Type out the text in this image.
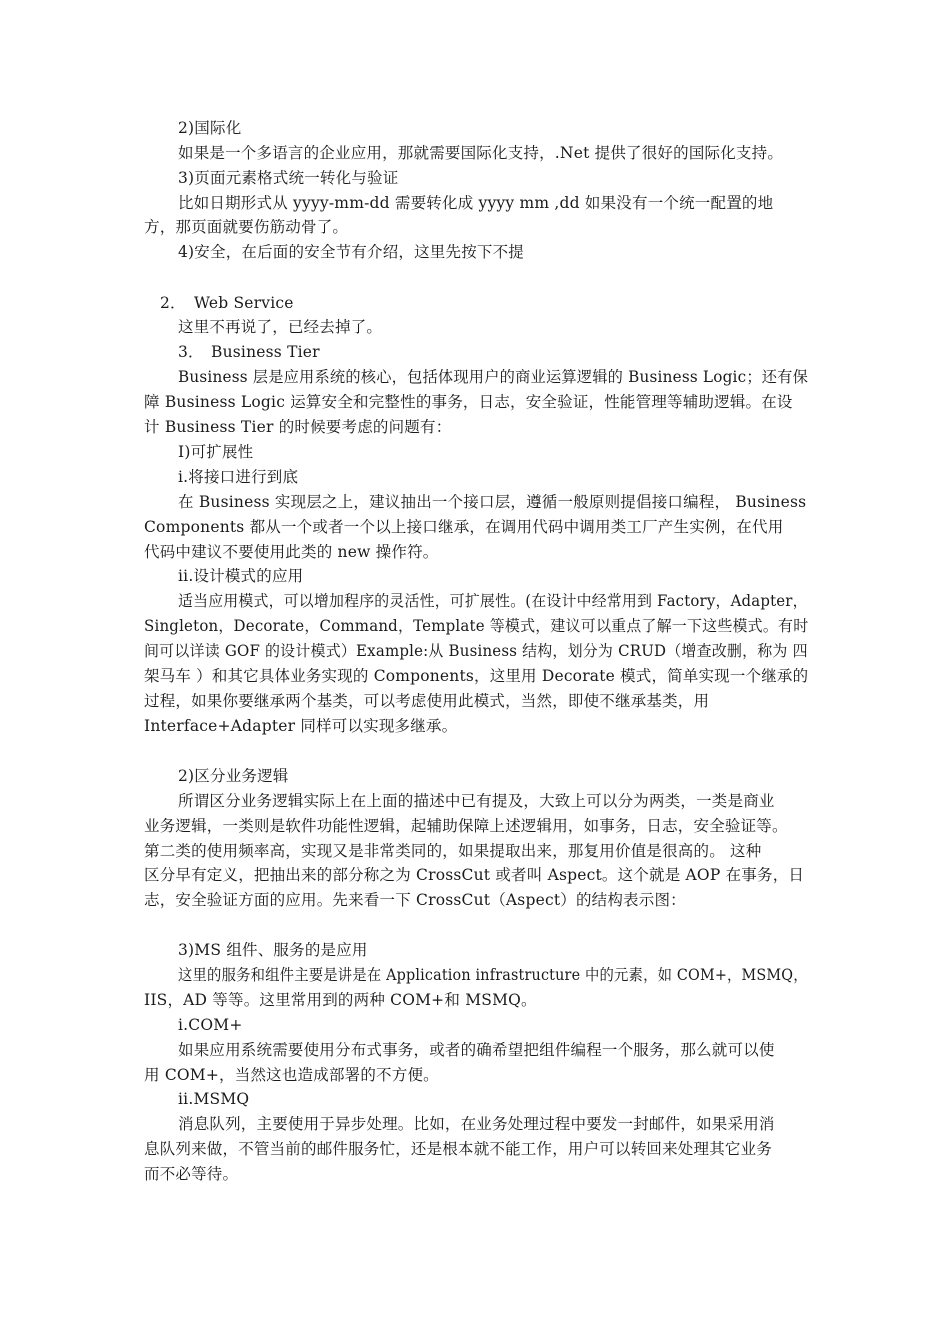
2)国际化
如果是一个多语言的企业应用，那就需要国际化支持，.Net 提供了很好的国际化支持。
3)页面元素格式统一转化与验证
比如日期形式从 yyyy-mm-dd 需要转化成 yyyy mm ,dd 如果没有一个统一配置的地
方，那页面就要伤筋动骨了。
4)安全，在后面的安全节有介绍，这里先按下不提
2． Web Service
这里不再说了，已经去掉了。
3． Business Tier
Business 层是应用系统的核心，包括体现用户的商业运算逻辑的 Business Logic；还有保
障 Business Logic 运算安全和完整性的事务，日志，安全验证，性能管理等辅助逻辑。在设
计 Business Tier 的时候要考虑的问题有：
I)可扩展性
i.将接口进行到底
在 Business 实现层之上，建议抽出一个接口层，遵循一般原则提倡接口编程， Business
Components 都从一个或者一个以上接口继承，在调用代码中调用类工厂产生实例，在代用
代码中建议不要使用此类的 new 操作符。
ii.设计模式的应用
适当应用模式，可以增加程序的灵活性，可扩展性。(在设计中经常用到 Factory，Adapter，
Singleton，Decorate，Command，Template 等模式，建议可以重点了解一下这些模式。有时
间可以详读 GOF 的设计模式）Example:从 Business 结构，划分为 CRUD（增查改删，称为 四
架马车 ）和其它具体业务实现的 Components，这里用 Decorate 模式，简单实现一个继承的
过程，如果你要继承两个基类，可以考虑使用此模式，当然，即使不继承基类，用
Interface+Adapter 同样可以实现多继承。
2)区分业务逻辑
所谓区分业务逻辑实际上在上面的描述中已有提及，大致上可以分为两类，一类是商业
业务逻辑，一类则是软件功能性逻辑，起辅助保障上述逻辑用，如事务，日志，安全验证等。
第二类的使用频率高，实现又是非常类同的，如果提取出来，那复用价值是很高的。 这种
区分早有定义，把抽出来的部分称之为 CrossCut 或者叫 Aspect。这个就是 AOP 在事务，日
志，安全验证方面的应用。先来看一下 CrossCut（Aspect）的结构表示图：
3)MS 组件、服务的是应用
这里的服务和组件主要是讲是在 Application infrastructure 中的元素，如 COM+，MSMQ，
IIS，AD 等等。这里常用到的两种 COM+和 MSMQ。
i.COM+
如果应用系统需要使用分布式事务，或者的确希望把组件编程一个服务，那么就可以使
用 COM+，当然这也造成部署的不方便。
ii.MSMQ
消息队列，主要使用于异步处理。比如，在业务处理过程中要发一封邮件，如果采用消
息队列来做，不管当前的邮件服务忙，还是根本就不能工作，用户可以转回来处理其它业务
而不必等待。
